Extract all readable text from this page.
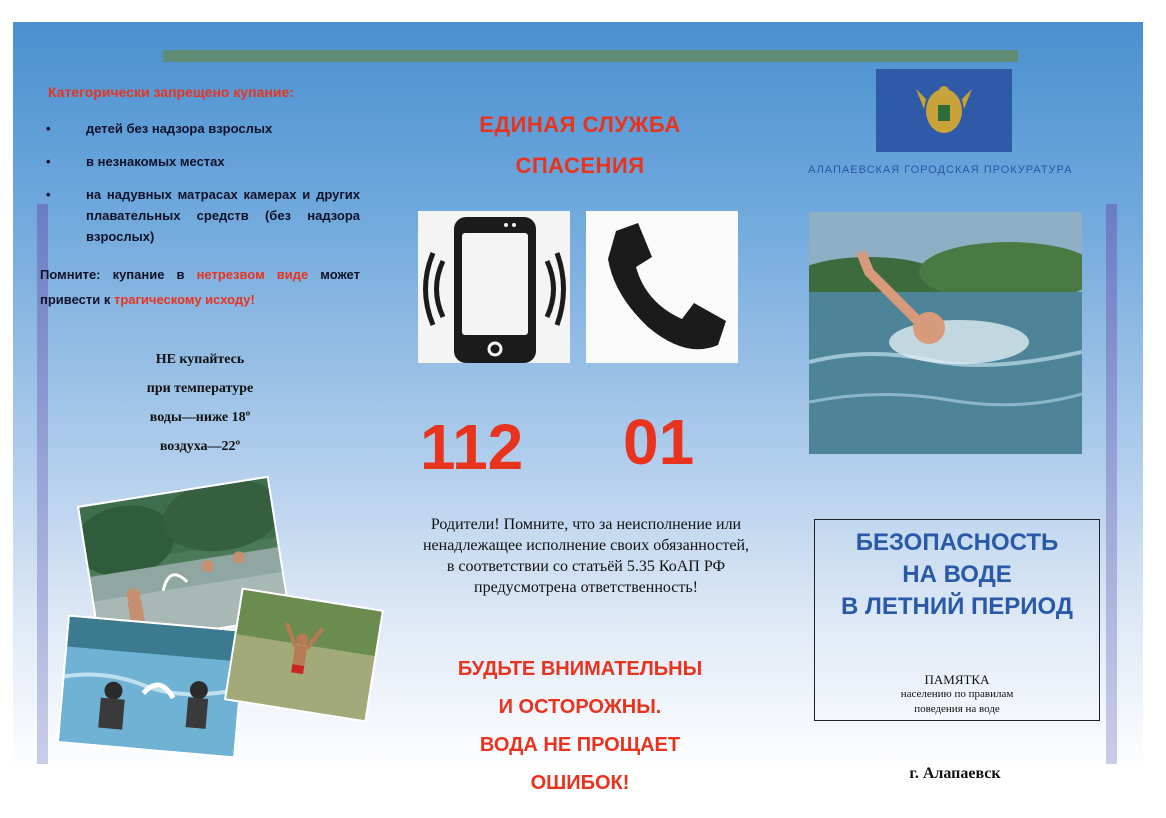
Категорически запрещено купание:
•	детей без надзора взрослых
•	в незнакомых местах
•	на надувных матрасах камерах и других плавательных средств (без надзора взрослых)
Помните: купание в нетрезвом виде может привести к трагическому исходу!
НЕ купайтесь
при температуре
воды—ниже 18º
воздуха—22º
ЕДИНАЯ СЛУЖБА
СПАСЕНИЯ
112 01
Родители! Помните, что за неисполнение или ненадлежащее исполнение своих обязанностей, в соответствии со статьёй 5.35 КоАП РФ предусмотрена ответственность!
БУДЬТЕ ВНИМАТЕЛЬНЫ
И ОСТОРОЖНЫ.
ВОДА НЕ ПРОЩАЕТ
ОШИБОК!
АЛАПАЕВСКАЯ ГОРОДСКАЯ ПРОКУРАТУРА
БЕЗОПАСНОСТЬ
НА ВОДЕ
В ЛЕТНИЙ ПЕРИОД
ПАМЯТКА
населению по правилам
поведения на воде
г. Алапаевск
